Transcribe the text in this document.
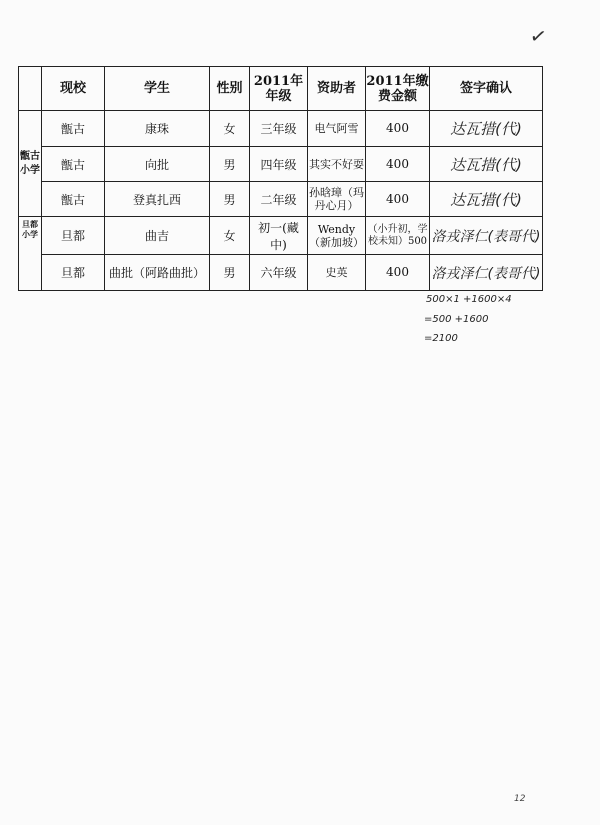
✓
	现校	学生	性别	2011年年级	资助者	2011年缴费金额	签字确认
甑古小学	甑古	康珠	女	三年级	电气阿雪	400	达瓦措(代)
	甑古	向批	男	四年级	其实不好耍	400	达瓦措(代)
	甑古	登真扎西	男	二年级	孙晗璋（玛丹心月）	400	达瓦措(代)
旦都小学	旦都	曲吉	女	初一(藏中)	Wendy（新加坡）	（小升初，学校未知）500	洛戎泽仁(表哥代)
	旦都	曲批（阿路曲批）	男	六年级	史英	400	洛戎泽仁(表哥代)
500×1 +1600×4
=500 +1600
=2100
12
